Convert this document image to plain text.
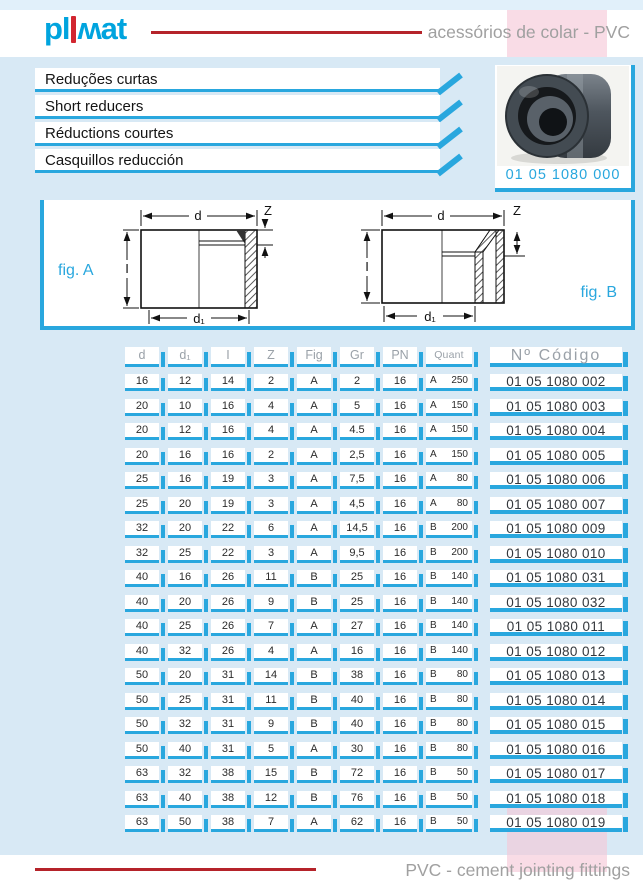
pl ʍat	acessórios de colar - PVC
Reduções curtas
Short reducers
Réductions courtes
Casquillos reducción
01 05 1080 000
d	Z
I
d₁
d	Z
I
d₁
fig. A
fig. B
d	d₁	I	Z	Fig	Gr	PN	Quant	Nº Código
16	12	14	2	A	2	16	A 250	01 05 1080 002
20	10	16	4	A	5	16	A 150	01 05 1080 003
20	12	16	4	A	4.5	16	A 150	01 05 1080 004
20	16	16	2	A	2,5	16	A 150	01 05 1080 005
25	16	19	3	A	7,5	16	A 80	01 05 1080 006
25	20	19	3	A	4,5	16	A 80	01 05 1080 007
32	20	22	6	A	14,5	16	B 200	01 05 1080 009
32	25	22	3	A	9,5	16	B 200	01 05 1080 010
40	16	26	11	B	25	16	B 140	01 05 1080 031
40	20	26	9	B	25	16	B 140	01 05 1080 032
40	25	26	7	A	27	16	B 140	01 05 1080 011
40	32	26	4	A	16	16	B 140	01 05 1080 012
50	20	31	14	B	38	16	B 80	01 05 1080 013
50	25	31	11	B	40	16	B 80	01 05 1080 014
50	32	31	9	B	40	16	B 80	01 05 1080 015
50	40	31	5	A	30	16	B 80	01 05 1080 016
63	32	38	15	B	72	16	B 50	01 05 1080 017
63	40	38	12	B	76	16	B 50	01 05 1080 018
63	50	38	7	A	62	16	B 50	01 05 1080 019
PVC - cement jointing fittings
